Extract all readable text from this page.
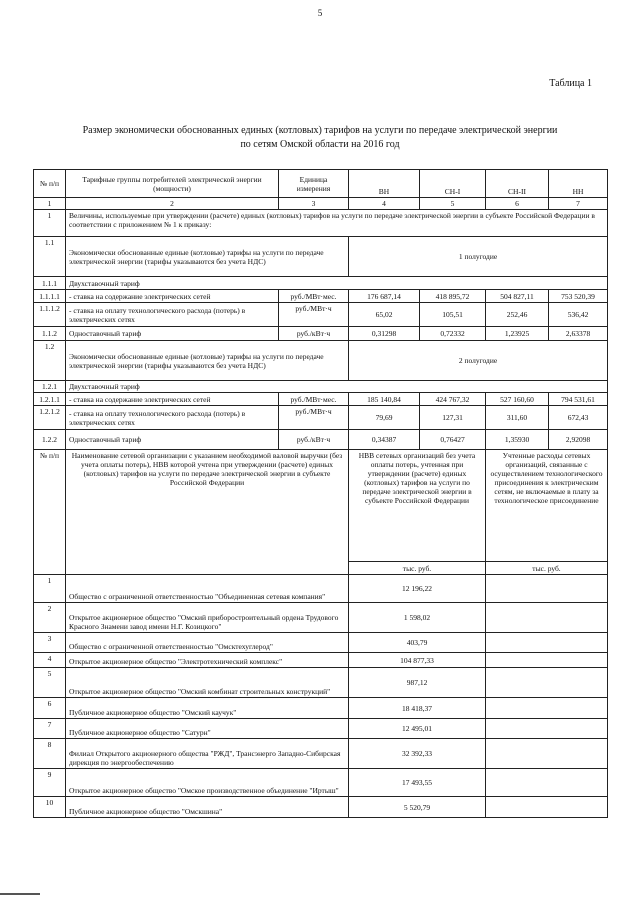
5
Таблица 1
Размер экономически обоснованных единых (котловых) тарифов на услуги по передаче электрической энергии по сетям Омской области на 2016 год
№ п/п	Тарифные группы потребителей электрической энергии (мощности)	Единица измерения				
			ВН	СН-I	СН-II	НН
1	2	3	4	5	6	7
1	Величины, используемые при утверждении (расчете) единых (котловых) тарифов на услуги по передаче электрической энергии в субъекте Российской Федерации в соответствии с приложением № 1 к приказу:					
1.1	Экономически обоснованные единые (котловые) тарифы на услуги по передаче электрической энергии (тарифы указываются без учета НДС)		1 полугодие			
1.1.1	Двухставочный тариф					
1.1.1.1	- ставка на содержание электрических сетей	руб./МВт·мес.	176 687,14	418 895,72	504 827,11	753 520,39
1.1.1.2	- ставка на оплату технологического расхода (потерь) в электрических сетях	руб./МВт·ч	65,02	105,51	252,46	536,42
1.1.2	Одноставочный тариф	руб./кВт·ч	0,31298	0,72332	1,23925	2,63378
1.2	Экономически обоснованные единые (котловые) тарифы на услуги по передаче электрической энергии (тарифы указываются без учета НДС)		2 полугодие			
1.2.1	Двухставочный тариф					
1.2.1.1	- ставка на содержание электрических сетей	руб./МВт·мес.	185 140,84	424 767,32	527 160,60	794 531,61
1.2.1.2	- ставка на оплату технологического расхода (потерь) в электрических сетях	руб./МВт·ч	79,69	127,31	311,60	672,43
1.2.2	Одноставочный тариф	руб./кВт·ч	0,34387	0,76427	1,35930	2,92098
№ п/п	Наименование сетевой организации с указанием необходимой валовой выручки (без учета оплаты потерь), НВВ которой учтена при утверждении (расчете) единых (котловых) тарифов на услуги по передаче электрической энергии в субъекте Российской Федерации		НВВ сетевых организаций без учета оплаты потерь, учтенная при утверждении (расчете) единых (котловых) тарифов на услуги по передаче электрической энергии в субъекте Российской Федерации		Учтенные расходы сетевых организаций, связанные с осуществлением технологического присоединения к электрическим сетям, не включаемые в плату за технологическое присоединение	
			тыс. руб.		тыс. руб.	
1	Общество с ограниченной ответственностью "Объединенная сетевая компания"		12 196,22			
2	Открытое акционерное общество "Омский приборостроительный ордена Трудового Красного Знамени завод имени Н.Г. Козицкого"		1 598,02			
3	Общество с ограниченной ответственностью "Омсктехуглерод"		403,79			
4	Открытое акционерное общество "Электротехнический комплекс"		104 877,33			
5	Открытое акционерное общество "Омский комбинат строительных конструкций"		987,12			
6	Публичное акционерное общество "Омский каучук"		18 418,37			
7	Публичное акционерное общество "Сатурн"		12 495,01			
8	Филиал Открытого акционерного общества "РЖД", Трансэнерго Западно-Сибирская дирекция по энергообеспечению		32 392,33			
9	Открытое акционерное общество "Омское производственное объединение "Иртыш"		17 493,55			
10	Публичное акционерное общество "Омскшина"		5 520,79			
